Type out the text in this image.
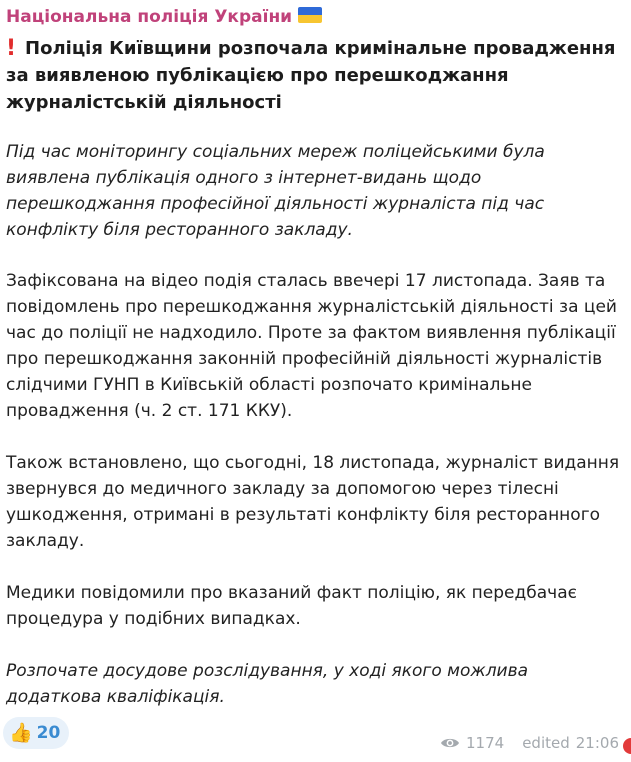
Національна поліція України
! Поліція Київщини розпочала кримінальне провадження за виявленою публікацією про перешкоджання журналістській діяльності

Під час моніторингу соціальних мереж поліцейськими була виявлена публікація одного з інтернет-видань щодо перешкоджання професійної діяльності журналіста під час конфлікту біля ресторанного закладу.

Зафіксована на відео подія сталась ввечері 17 листопада. Заяв та повідомлень про перешкоджання журналістській діяльності за цей час до поліції не надходило. Проте за фактом виявлення публікації про перешкоджання законній професійній діяльності журналістів слідчими ГУНП в Київській області розпочато кримінальне провадження (ч. 2 ст. 171 ККУ).

Також встановлено, що сьогодні, 18 листопада, журналіст видання звернувся до медичного закладу за допомогою через тілесні ушкодження, отримані в результаті конфлікту біля ресторанного закладу.

Медики повідомили про вказаний факт поліцію, як передбачає процедура у подібних випадках.

Розпочате досудове розслідування, у ході якого можлива додаткова кваліфікація.

👍 20	1174 edited 21:06
